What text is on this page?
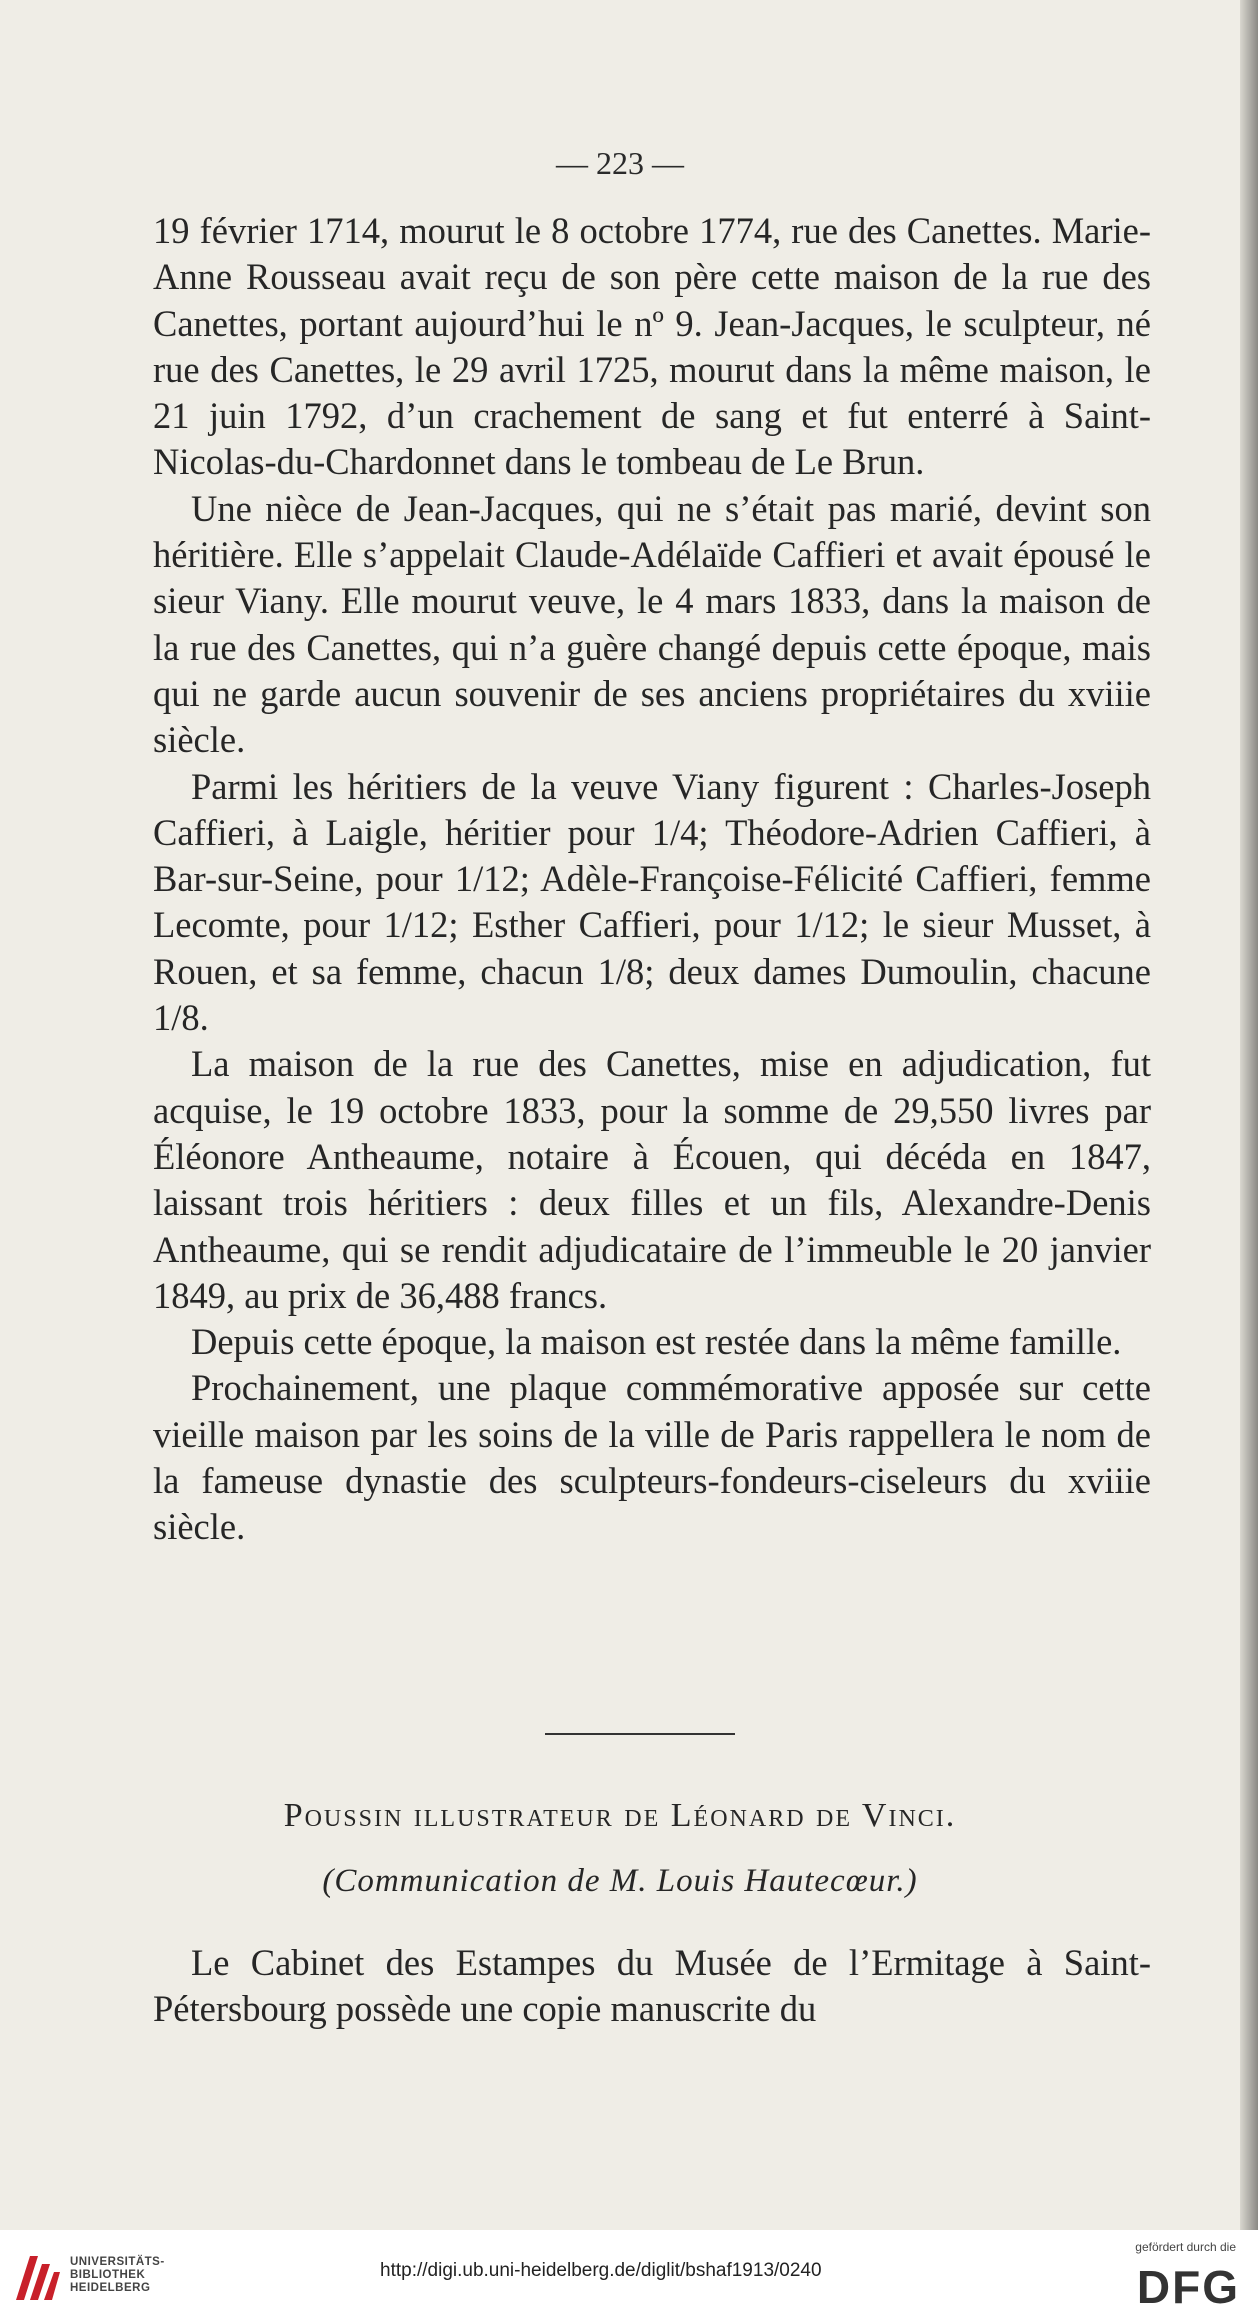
— 223 —

19 février 1714, mourut le 8 octobre 1774, rue des Canettes. Marie-Anne Rousseau avait reçu de son père cette maison de la rue des Canettes, portant aujourd’hui le nº 9. Jean-Jacques, le sculpteur, né rue des Canettes, le 29 avril 1725, mourut dans la même maison, le 21 juin 1792, d’un crachement de sang et fut enterré à Saint-Nicolas-du-Chardonnet dans le tombeau de Le Brun.

Une nièce de Jean-Jacques, qui ne s’était pas marié, devint son héritière. Elle s’appelait Claude-Adélaïde Caffieri et avait épousé le sieur Viany. Elle mourut veuve, le 4 mars 1833, dans la maison de la rue des Canettes, qui n’a guère changé depuis cette époque, mais qui ne garde aucun souvenir de ses anciens propriétaires du xviiie siècle.

Parmi les héritiers de la veuve Viany figurent : Charles-Joseph Caffieri, à Laigle, héritier pour 1/4; Théodore-Adrien Caffieri, à Bar-sur-Seine, pour 1/12; Adèle-Françoise-Félicité Caffieri, femme Lecomte, pour 1/12; Esther Caffieri, pour 1/12; le sieur Musset, à Rouen, et sa femme, chacun 1/8; deux dames Dumoulin, chacune 1/8.

La maison de la rue des Canettes, mise en adjudication, fut acquise, le 19 octobre 1833, pour la somme de 29,550 livres par Éléonore Antheaume, notaire à Écouen, qui décéda en 1847, laissant trois héritiers : deux filles et un fils, Alexandre-Denis Antheaume, qui se rendit adjudicataire de l’immeuble le 20 janvier 1849, au prix de 36,488 francs.

Depuis cette époque, la maison est restée dans la même famille.

Prochainement, une plaque commémorative apposée sur cette vieille maison par les soins de la ville de Paris rappellera le nom de la fameuse dynastie des sculpteurs-fondeurs-ciseleurs du xviiie siècle.

Poussin illustrateur de Léonard de Vinci.
(Communication de M. Louis Hautecœur.)

Le Cabinet des Estampes du Musée de l’Ermitage à Saint-Pétersbourg possède une copie manuscrite du

UNIVERSITÄTS-
BIBLIOTHEK
HEIDELBERG
http://digi.ub.uni-heidelberg.de/diglit/bshaf1913/0240
gefördert durch die
DFG
